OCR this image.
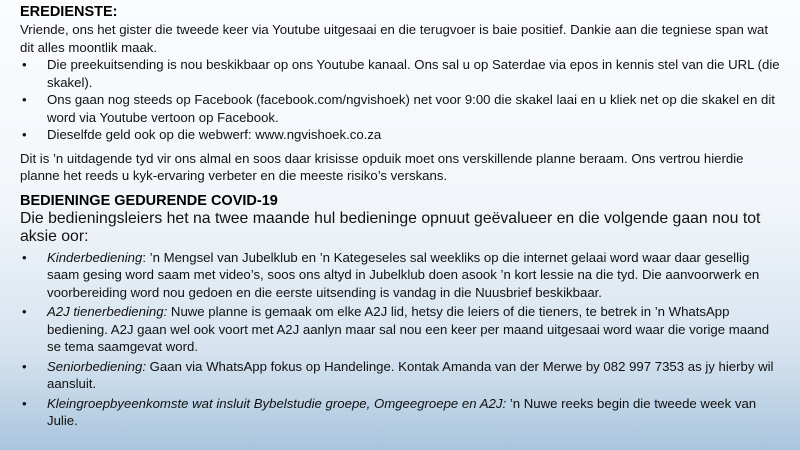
EREDIENSTE:

Vriende, ons het gister die tweede keer via Youtube uitgesaai en die terugvoer is baie positief. Dankie aan die tegniese span wat dit alles moontlik maak.

• Die preekuitsending is nou beskikbaar op ons Youtube kanaal. Ons sal u op Saterdae via epos in kennis stel van die URL (die skakel).
• Ons gaan nog steeds op Facebook (facebook.com/ngvishoek) net voor 9:00 die skakel laai en u kliek net op die skakel en dit word via Youtube vertoon op Facebook.
• Dieselfde geld ook op die webwerf: www.ngvishoek.co.za

Dit is ’n uitdagende tyd vir ons almal en soos daar krisisse opduik moet ons verskillende planne beraam. Ons vertrou hierdie planne het reeds u kyk-ervaring verbeter en die meeste risiko’s verskans.

BEDIENINGE GEDURENDE COVID-19

Die bedieningsleiers het na twee maande hul bedieninge opnuut geëvalueer en die volgende gaan nou tot aksie oor:

• Kinderbediening: ’n Mengsel van Jubelklub en ’n Kategeseles sal weekliks op die internet gelaai word waar daar gesellig saam gesing word saam met video’s, soos ons altyd in Jubelklub doen asook ’n kort lessie na die tyd. Die aanvoorwerk en voorbereiding word nou gedoen en die eerste uitsending is vandag in die Nuusbrief beskikbaar.
• A2J tienerbediening: Nuwe planne is gemaak om elke A2J lid, hetsy die leiers of die tieners, te betrek in ’n WhatsApp bediening. A2J gaan wel ook voort met A2J aanlyn maar sal nou een keer per maand uitgesaai word waar die vorige maand se tema saamgevat word.
• Seniorbediening: Gaan via WhatsApp fokus op Handelinge. Kontak Amanda van der Merwe by 082 997 7353 as jy hierby wil aansluit.
• Kleingroepbyeenkomste wat insluit Bybelstudie groepe, Omgeegroepe en A2J: ’n Nuwe reeks begin die tweede week van Julie.
